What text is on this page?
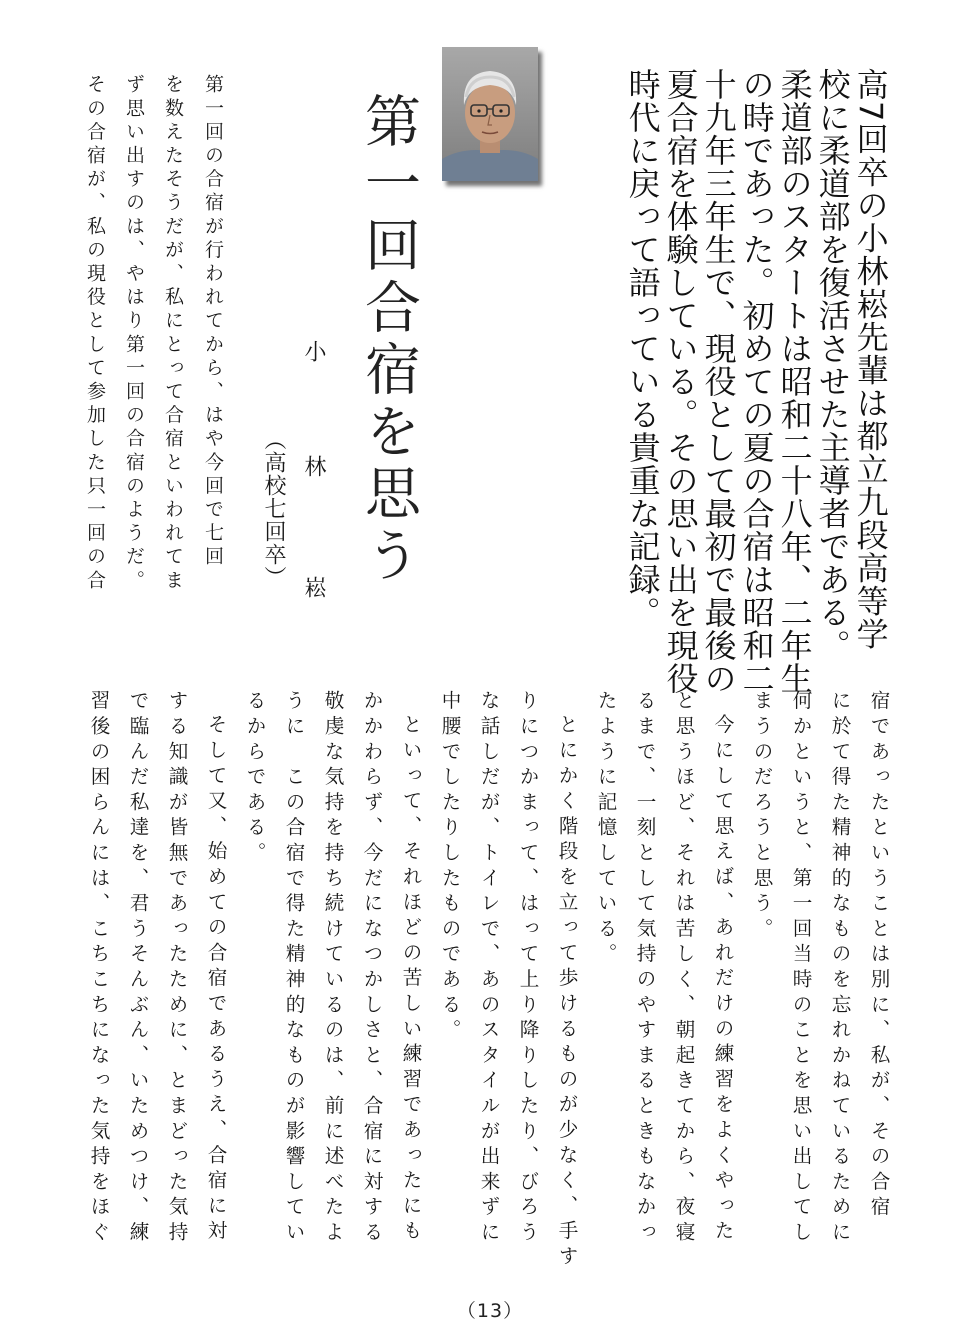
高7回卒の小林崧先輩は都立九段高等学
校に柔道部を復活させた主導者である。
柔道部のスタートは昭和二十八年、二年生
の時であった。初めての夏の合宿は昭和二
十九年三年生で、現役として最初で最後の
夏合宿を体験している。その思い出を現役
時代に戻って語っている貴重な記録。
第一回合宿を思う
小
林
崧
（高校七回卒）
第一回の合宿が行われてから、はや今回で七回
を数えたそうだが、私にとって合宿といわれてま
ず思い出すのは、やはり第一回の合宿のようだ。
その合宿が、私の現役として参加した只一回の合
宿であったということは別に、私が、その合宿
に於て得た精神的なものを忘れかねているために
何かというと、第一回当時のことを思い出してし
まうのだろうと思う。
今にして思えば、あれだけの練習をよくやった
と思うほど、それは苦しく、朝起きてから、夜寝
るまで、一刻として気持のやすまるときもなかっ
たように記憶している。
とにかく階段を立って歩けるものが少なく、手す
りにつかまって、はって上り降りしたり、びろう
な話しだが、トイレで、あのスタイルが出来ずに
中腰でしたりしたものである。
といって、それほどの苦しい練習であったにも
かかわらず、今だになつかしさと、合宿に対する
敬虔な気持を持ち続けているのは、前に述べたよ
うに　この合宿で得た精神的なものが影響してい
るからである。
そして又、始めての合宿であるうえ、合宿に対
する知識が皆無であったために、とまどった気持
で臨んだ私達を、君うそんぶん、いためつけ、練
習後の困らんには、こちこちになった気持をほぐ
（13）
